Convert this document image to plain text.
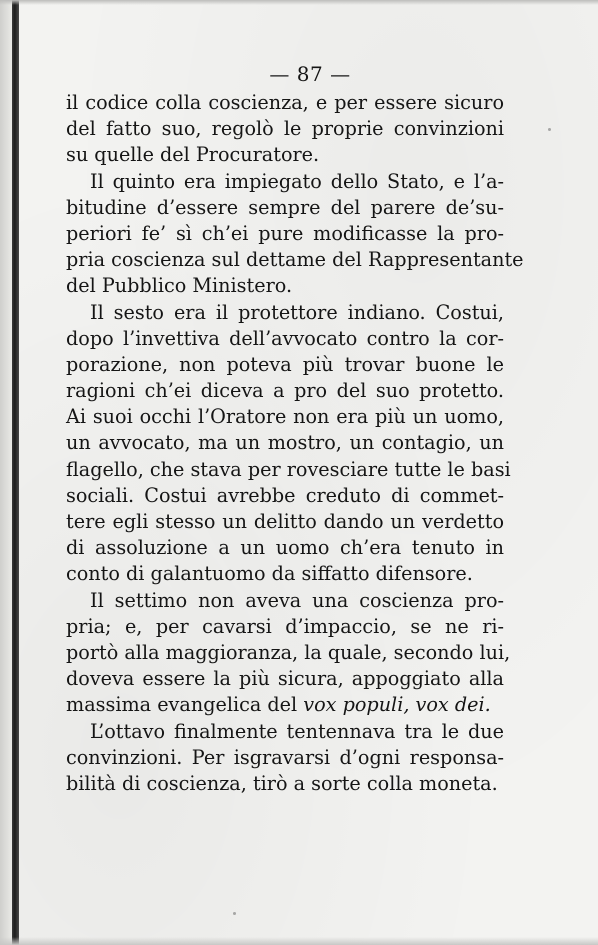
— 87 —
il codice colla coscienza, e per essere sicuro
del fatto suo, regolò le proprie convinzioni
su quelle del Procuratore.
Il quinto era impiegato dello Stato, e l’a-
bitudine d’essere sempre del parere de’su-
periori fe’ sì ch’ei pure modificasse la pro-
pria coscienza sul dettame del Rappresentante
del Pubblico Ministero.
Il sesto era il protettore indiano. Costui,
dopo l’invettiva dell’avvocato contro la cor-
porazione, non poteva più trovar buone le
ragioni ch’ei diceva a pro del suo protetto.
Ai suoi occhi l’Oratore non era più un uomo,
un avvocato, ma un mostro, un contagio, un
flagello, che stava per rovesciare tutte le basi
sociali. Costui avrebbe creduto di commet-
tere egli stesso un delitto dando un verdetto
di assoluzione a un uomo ch’era tenuto in
conto di galantuomo da siffatto difensore.
Il settimo non aveva una coscienza pro-
pria; e, per cavarsi d’impaccio, se ne ri-
portò alla maggioranza, la quale, secondo lui,
doveva essere la più sicura, appoggiato alla
massima evangelica del vox populi, vox dei.
L’ottavo finalmente tentennava tra le due
convinzioni. Per isgravarsi d’ogni responsa-
bilità di coscienza, tirò a sorte colla moneta.
